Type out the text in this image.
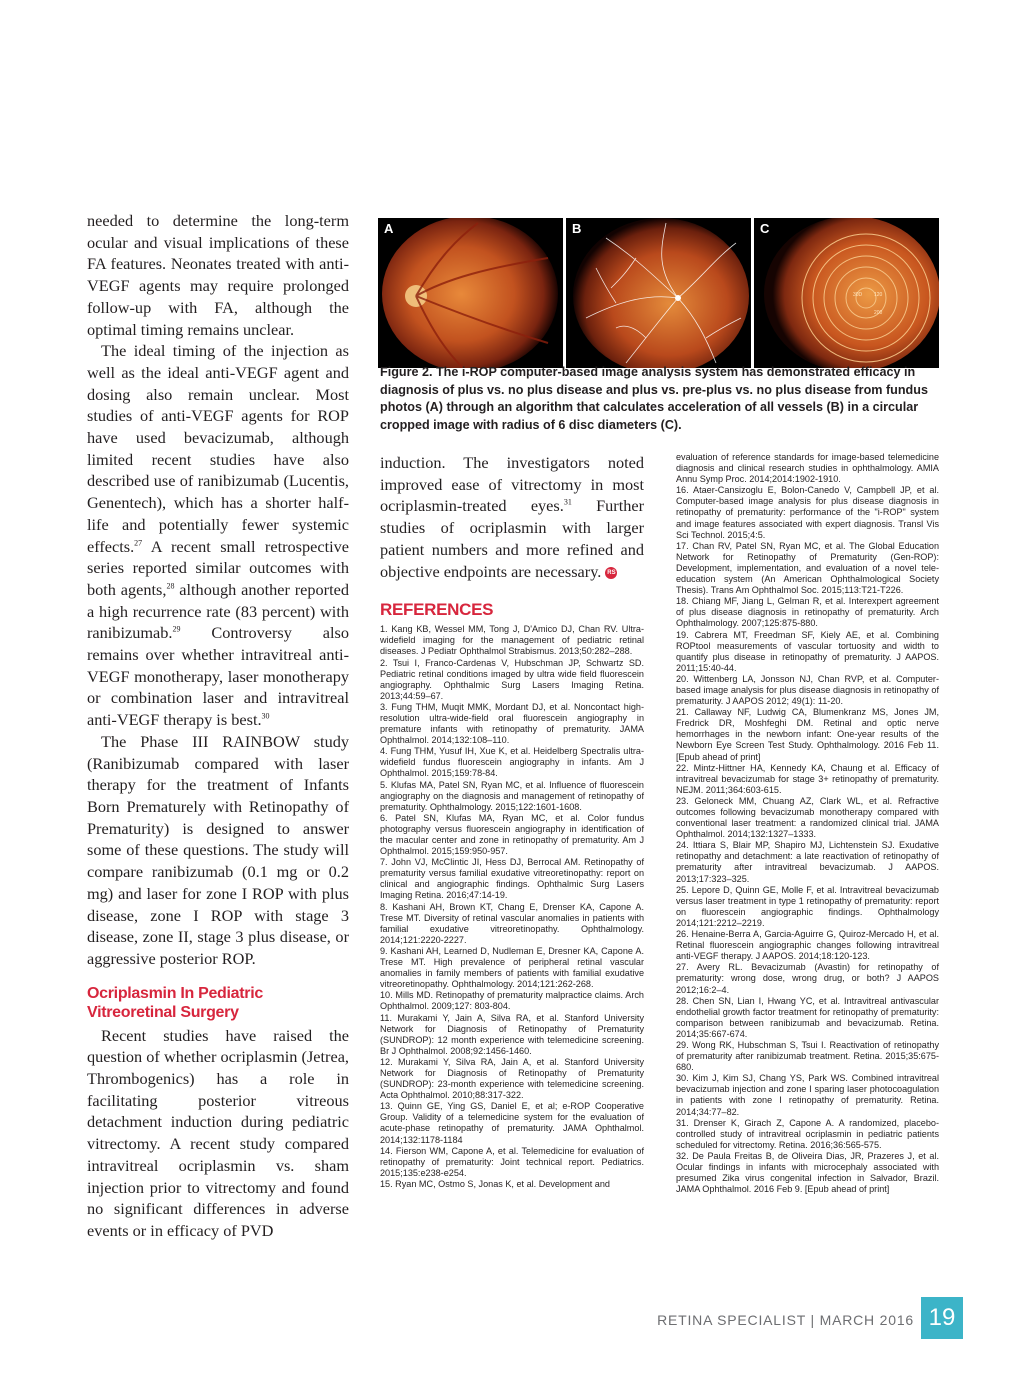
needed to determine the long-term ocular and visual implications of these FA features. Neonates treated with anti-VEGF agents may require prolonged follow-up with FA, although the optimal timing remains unclear.

The ideal timing of the injection as well as the ideal anti-VEGF agent and dosing also remain unclear. Most studies of anti-VEGF agents for ROP have used bevacizumab, although limited recent studies have also described use of ranibizumab (Lucentis, Genentech), which has a shorter half-life and potentially fewer systemic effects.$^{27}$ A recent small retrospective series reported similar outcomes with both agents,$^{28}$ although another reported a high recurrence rate (83 percent) with ranibizumab.$^{29}$ Controversy also remains over whether intravitreal anti-VEGF monotherapy, laser monotherapy or combination laser and intravitreal anti-VEGF therapy is best.$^{30}$

The Phase III RAINBOW study (Ranibizumab compared with laser therapy for the treatment of Infants Born Prematurely with Retinopathy of Prematurity) is designed to answer some of these questions. The study will compare ranibizumab (0.1 mg or 0.2 mg) and laser for zone I ROP with plus disease, zone I ROP with stage 3 disease, zone II, stage 3 plus disease, or aggressive posterior ROP.

Ocriplasmin In Pediatric
Vitreoretinal Surgery

Recent studies have raised the question of whether ocriplasmin (Jetrea, Thrombogenics) has a role in facilitating posterior vitreous detachment induction during pediatric vitrectomy. A recent study compared intravitreal ocriplasmin vs. sham injection prior to vitrectomy and found no significant differences in adverse events or in efficacy of PVD

A	B
30D 120
200
C

Figure 2. The i-ROP computer-based image analysis system has demonstrated efficacy in diagnosis of plus vs. no plus disease and plus vs. pre-plus vs. no plus disease from fundus photos (A) through an algorithm that calculates acceleration of all vessels (B) in a circular cropped image with radius of 6 disc diameters (C).

induction. The investigators noted improved ease of vitrectomy in most ocriplasmin-treated eyes.$^{31}$ Further studies of ocriplasmin with larger patient numbers and more refined and objective endpoints are necessary. RS

REFERENCES

1. Kang KB, Wessel MM, Tong J, D'Amico DJ, Chan RV. Ultra-widefield imaging for the management of pediatric retinal diseases. J Pediatr Ophthalmol Strabismus. 2013;50:282–288.

2. Tsui I, Franco-Cardenas V, Hubschman JP, Schwartz SD. Pediatric retinal conditions imaged by ultra wide field fluorescein angiography. Ophthalmic Surg Lasers Imaging Retina. 2013;44:59–67.

3. Fung THM, Muqit MMK, Mordant DJ, et al. Noncontact high-resolution ultra-wide-field oral fluorescein angiography in premature infants with retinopathy of prematurity. JAMA Ophthalmol. 2014;132:108–110.

4. Fung THM, Yusuf IH, Xue K, et al. Heidelberg Spectralis ultra-widefield fundus fluorescein angiography in infants. Am J Ophthalmol. 2015;159:78-84.

5. Klufas MA, Patel SN, Ryan MC, et al. Influence of fluorescein angiography on the diagnosis and management of retinopathy of prematurity. Ophthalmology. 2015;122:1601-1608.

6. Patel SN, Klufas MA, Ryan MC, et al. Color fundus photography versus fluorescein angiography in identification of the macular center and zone in retinopathy of prematurity. Am J Ophthalmol. 2015;159:950-957.

7. John VJ, McClintic JI, Hess DJ, Berrocal AM. Retinopathy of prematurity versus familial exudative vitreoretinopathy: report on clinical and angiographic findings. Ophthalmic Surg Lasers Imaging Retina. 2016;47:14-19.

8. Kashani AH, Brown KT, Chang E, Drenser KA, Capone A. Trese MT. Diversity of retinal vascular anomalies in patients with familial exudative vitreoretinopathy. Ophthalmology. 2014;121:2220-2227.

9. Kashani AH, Learned D, Nudleman E, Dresner KA, Capone A. Trese MT. High prevalence of peripheral retinal vascular anomalies in family members of patients with familial exudative vitreoretinopathy. Ophthalmology. 2014;121:262-268.

10. Mills MD. Retinopathy of prematurity malpractice claims. Arch Ophthalmol. 2009;127: 803-804.

11. Murakami Y, Jain A, Silva RA, et al. Stanford University Network for Diagnosis of Retinopathy of Prematurity (SUNDROP): 12 month experience with telemedicine screening. Br J Ophthalmol. 2008;92:1456-1460.

12. Murakami Y, Silva RA, Jain A, et al. Stanford University Network for Diagnosis of Retinopathy of Prematurity (SUNDROP): 23-month experience with telemedicine screening. Acta Ophthalmol. 2010;88:317-322.

13. Quinn GE, Ying GS, Daniel E, et al; e-ROP Cooperative Group. Validity of a telemedicine system for the evaluation of acute-phase retinopathy of prematurity. JAMA Ophthalmol. 2014;132:1178-1184

14. Fierson WM, Capone A, et al. Telemedicine for evaluation of retinopathy of prematurity: Joint technical report. Pediatrics. 2015;135:e238-e254.

15. Ryan MC, Ostmo S, Jonas K, et al. Development and

evaluation of reference standards for image-based telemedicine diagnosis and clinical research studies in ophthalmology. AMIA Annu Symp Proc. 2014;2014:1902-1910.

16. Ataer-Cansizoglu E, Bolon-Canedo V, Campbell JP, et al. Computer-based image analysis for plus disease diagnosis in retinopathy of prematurity: performance of the "i-ROP" system and image features associated with expert diagnosis. Transl Vis Sci Technol. 2015;4:5.

17. Chan RV, Patel SN, Ryan MC, et al. The Global Education Network for Retinopathy of Prematurity (Gen-ROP): Development, implementation, and evaluation of a novel tele-education system (An American Ophthalmological Society Thesis). Trans Am Ophthalmol Soc. 2015;113:T21-T226.

18. Chiang MF, Jiang L, Gelman R, et al. Interexpert agreement of plus disease diagnosis in retinopathy of prematurity. Arch Ophthalmology. 2007;125:875-880.

19. Cabrera MT, Freedman SF, Kiely AE, et al. Combining ROPtool measurements of vascular tortuosity and width to quantify plus disease in retinopathy of prematurity. J AAPOS. 2011;15:40-44.

20. Wittenberg LA, Jonsson NJ, Chan RVP, et al. Computer-based image analysis for plus disease diagnosis in retinopathy of prematurity. J AAPOS 2012; 49(1): 11-20.

21. Callaway NF, Ludwig CA, Blumenkranz MS, Jones JM, Fredrick DR, Moshfeghi DM. Retinal and optic nerve hemorrhages in the newborn infant: One-year results of the Newborn Eye Screen Test Study. Ophthalmology. 2016 Feb 11. [Epub ahead of print]

22. Mintz-Hittner HA, Kennedy KA, Chaung et al. Efficacy of intravitreal bevacizumab for stage 3+ retinopathy of prematurity. NEJM. 2011;364:603-615.

23. Geloneck MM, Chuang AZ, Clark WL, et al. Refractive outcomes following bevacizumab monotherapy compared with conventional laser treatment: a randomized clinical trial. JAMA Ophthalmol. 2014;132:1327–1333.

24. Ittiara S, Blair MP, Shapiro MJ, Lichtenstein SJ. Exudative retinopathy and detachment: a late reactivation of retinopathy of prematurity after intravitreal bevacizumab. J AAPOS. 2013;17:323–325.

25. Lepore D, Quinn GE, Molle F, et al. Intravitreal bevacizumab versus laser treatment in type 1 retinopathy of prematurity: report on fluorescein angiographic findings. Ophthalmology 2014;121:2212–2219.

26. Henaine-Berra A, Garcia-Aguirre G, Quiroz-Mercado H, et al. Retinal fluorescein angiographic changes following intravitreal anti-VEGF therapy. J AAPOS. 2014;18:120-123.

27. Avery RL. Bevacizumab (Avastin) for retinopathy of prematurity: wrong dose, wrong drug, or both? J AAPOS 2012;16:2–4.

28. Chen SN, Lian I, Hwang YC, et al. Intravitreal antivascular endothelial growth factor treatment for retinopathy of prematurity: comparison between ranibizumab and bevacizumab. Retina. 2014;35:667-674.

29. Wong RK, Hubschman S, Tsui I. Reactivation of retinopathy of prematurity after ranibizumab treatment. Retina. 2015;35:675-680.

30. Kim J, Kim SJ, Chang YS, Park WS. Combined intravitreal bevacizumab injection and zone I sparing laser photocoagulation in patients with zone I retinopathy of prematurity. Retina. 2014;34:77–82.

31. Drenser K, Girach Z, Capone A. A randomized, placebo-controlled study of intravitreal ocriplasmin in pediatric patients scheduled for vitrectomy. Retina. 2016;36:565-575.

32. De Paula Freitas B, de Oliveira Dias, JR, Prazeres J, et al. Ocular findings in infants with microcephaly associated with presumed Zika virus congenital infection in Salvador, Brazil. JAMA Ophthalmol. 2016 Feb 9. [Epub ahead of print]

RETINA SPECIALIST | MARCH 2016 19
